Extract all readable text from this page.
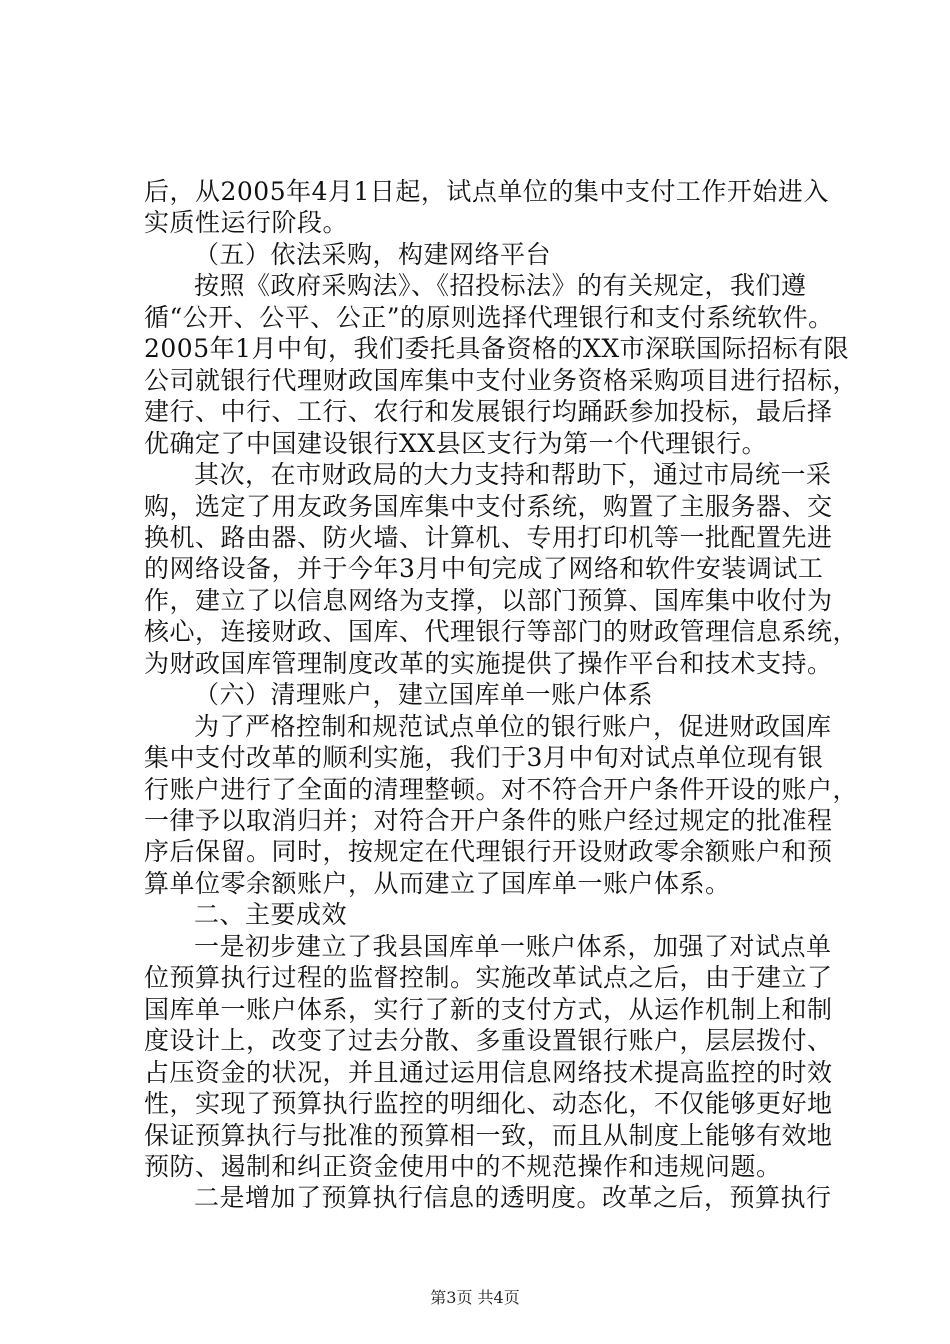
后，从2005年4月1日起，试点单位的集中支付工作开始进入
实质性运行阶段。
（五）依法采购，构建网络平台
按照《政府采购法》、《招投标法》的有关规定，我们遵
循“公开、公平、公正”的原则选择代理银行和支付系统软件。
2005年1月中旬，我们委托具备资格的XX市深联国际招标有限
公司就银行代理财政国库集中支付业务资格采购项目进行招标，
建行、中行、工行、农行和发展银行均踊跃参加投标，最后择
优确定了中国建设银行XX县区支行为第一个代理银行。
其次，在市财政局的大力支持和帮助下，通过市局统一采
购，选定了用友政务国库集中支付系统，购置了主服务器、交
换机、路由器、防火墙、计算机、专用打印机等一批配置先进
的网络设备，并于今年3月中旬完成了网络和软件安装调试工
作，建立了以信息网络为支撑，以部门预算、国库集中收付为
核心，连接财政、国库、代理银行等部门的财政管理信息系统，
为财政国库管理制度改革的实施提供了操作平台和技术支持。
（六）清理账户，建立国库单一账户体系
为了严格控制和规范试点单位的银行账户，促进财政国库
集中支付改革的顺利实施，我们于3月中旬对试点单位现有银
行账户进行了全面的清理整顿。对不符合开户条件开设的账户，
一律予以取消归并；对符合开户条件的账户经过规定的批准程
序后保留。同时，按规定在代理银行开设财政零余额账户和预
算单位零余额账户，从而建立了国库单一账户体系。
二、主要成效
一是初步建立了我县国库单一账户体系，加强了对试点单
位预算执行过程的监督控制。实施改革试点之后，由于建立了
国库单一账户体系，实行了新的支付方式，从运作机制上和制
度设计上，改变了过去分散、多重设置银行账户，层层拨付、
占压资金的状况，并且通过运用信息网络技术提高监控的时效
性，实现了预算执行监控的明细化、动态化，不仅能够更好地
保证预算执行与批准的预算相一致，而且从制度上能够有效地
预防、遏制和纠正资金使用中的不规范操作和违规问题。
二是增加了预算执行信息的透明度。改革之后，预算执行
第3页 共4页
